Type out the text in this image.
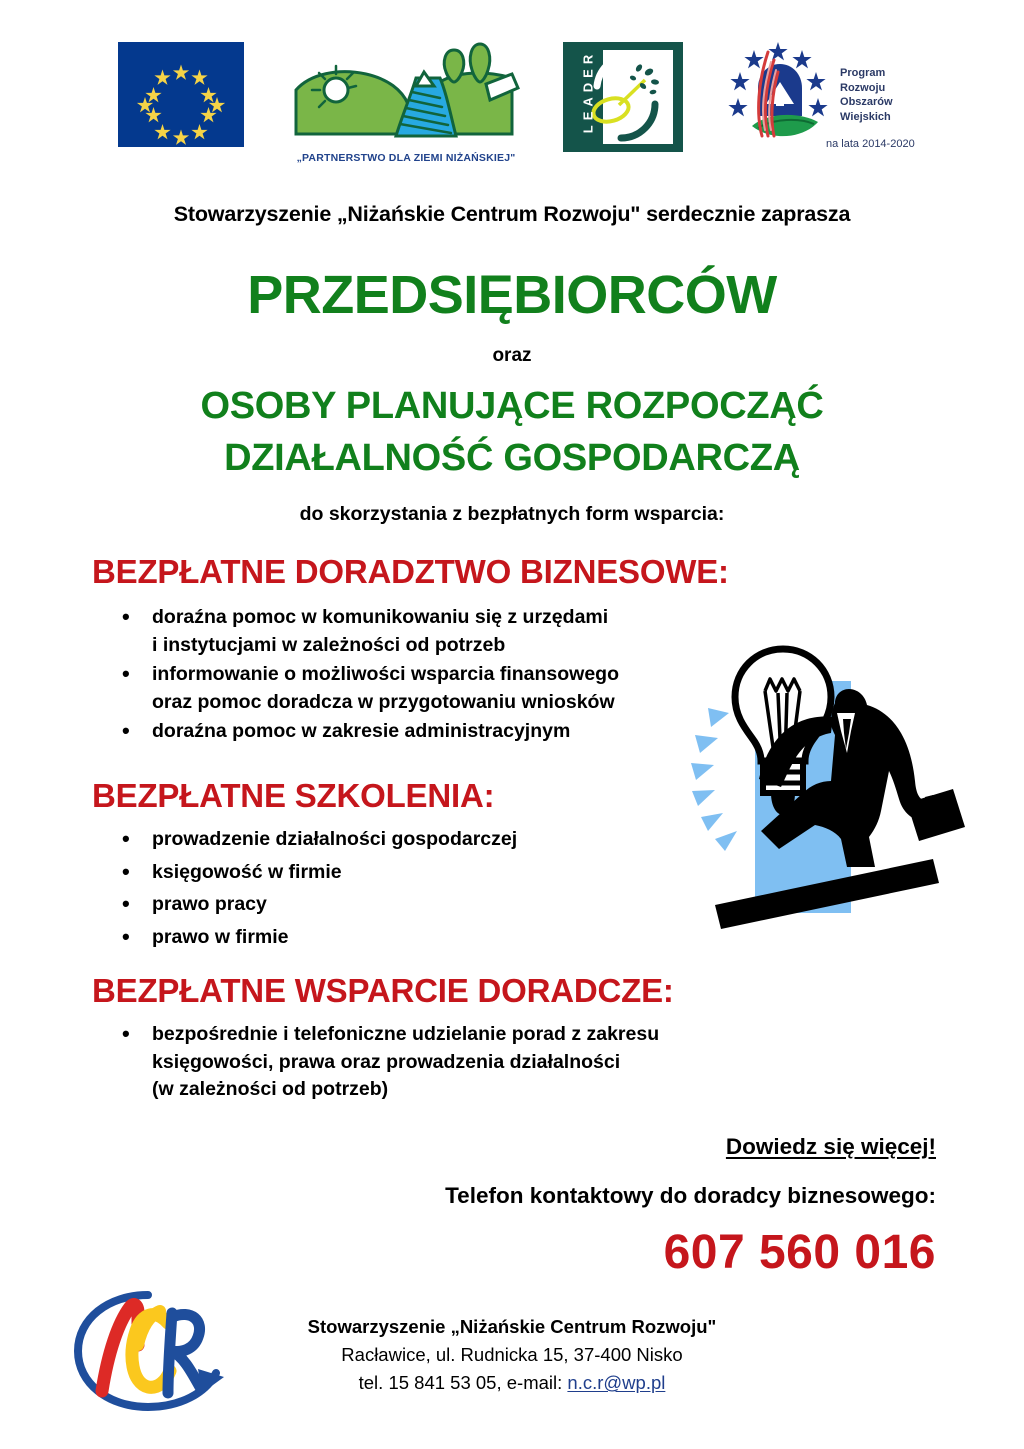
„PARTNERSTWO DLA ZIEMI NIŻAŃSKIEJ"
LEADER	Program
Rozwoju
Obszarów
Wiejskich
na lata 2014-2020
Stowarzyszenie „Niżańskie Centrum Rozwoju" serdecznie zaprasza
PRZEDSIĘBIORCÓW
oraz
OSOBY PLANUJĄCE ROZPOCZĄĆ
DZIAŁALNOŚĆ GOSPODARCZĄ
do skorzystania z bezpłatnych form wsparcia:
BEZPŁATNE DORADZTWO BIZNESOWE:
• doraźna pomoc w komunikowaniu się z urzędami
i instytucjami w zależności od potrzeb
• informowanie o możliwości wsparcia finansowego
oraz pomoc doradcza w przygotowaniu wniosków
• doraźna pomoc w zakresie administracyjnym
BEZPŁATNE SZKOLENIA:
• prowadzenie działalności gospodarczej
• księgowość w firmie
• prawo pracy
• prawo w firmie
BEZPŁATNE WSPARCIE DORADCZE:
• bezpośrednie i telefoniczne udzielanie porad z zakresu
księgowości, prawa oraz prowadzenia działalności
(w zależności od potrzeb)
Dowiedz się więcej!
Telefon kontaktowy do doradcy biznesowego:
607 560 016
Stowarzyszenie „Niżańskie Centrum Rozwoju"
Racławice, ul. Rudnicka 15, 37-400 Nisko
tel. 15 841 53 05, e-mail: n.c.r@wp.pl
